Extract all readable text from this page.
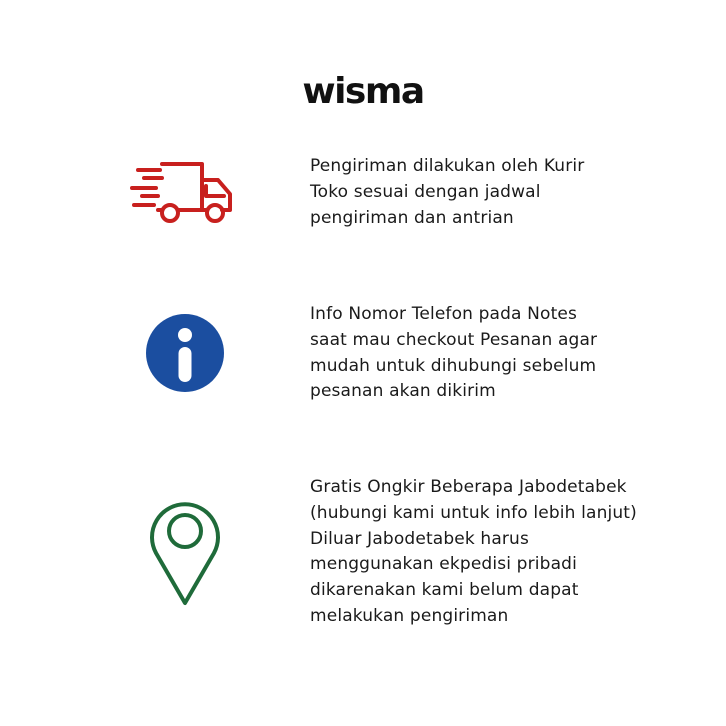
wisma
Pengiriman dilakukan oleh Kurir
Toko sesuai dengan jadwal
pengiriman dan antrian
Info Nomor Telefon pada Notes
saat mau checkout Pesanan agar
mudah untuk dihubungi sebelum
pesanan akan dikirim
Gratis Ongkir Beberapa Jabodetabek
(hubungi kami untuk info lebih lanjut)
Diluar Jabodetabek harus
menggunakan ekpedisi pribadi
dikarenakan kami belum dapat
melakukan pengiriman
